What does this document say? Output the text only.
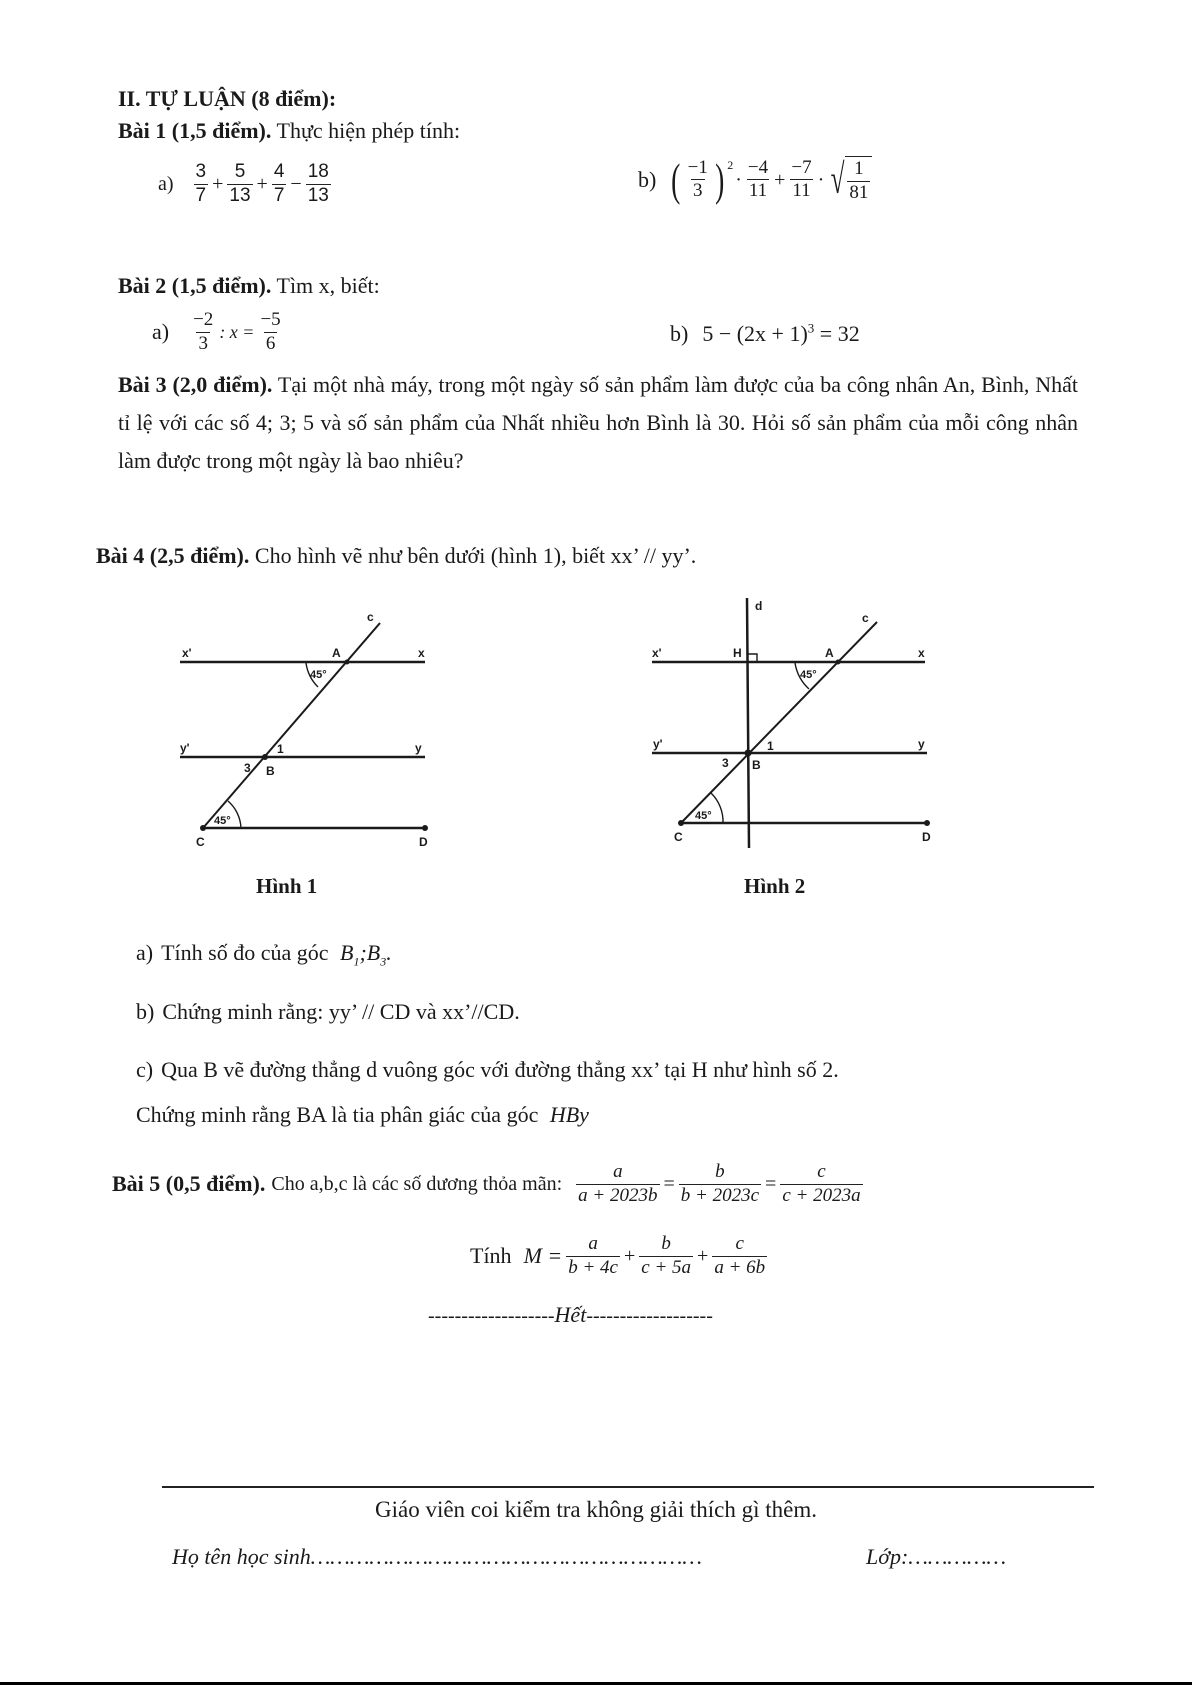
II. TỰ LUẬN (8 điểm):
Bài 1 (1,5 điểm). Thực hiện phép tính:
$a) \frac{3}{7} + \frac{5}{13} + \frac{4}{7} - \frac{18}{13}$	b) ( $\frac{-1}{3}$ ) $^2$
· $\frac{-4}{11} + \frac{-7}{11}$ · √ $\frac{1}{81}$
Bài 2 (1,5 điểm). Tìm x, biết:
$a) \frac{-2}{3}$ : $x = \frac{-5}{6}$	b) $5 - (2x + 1)^3 = 32$
Bài 3 (2,0 điểm). Tại một nhà máy, trong một ngày số sản phẩm làm được của ba công nhân An, Bình, Nhất tỉ lệ với các số 4; 3; 5 và số sản phẩm của Nhất nhiều hơn Bình là 30. Hỏi số sản phẩm của mỗi công nhân làm được trong một ngày là bao nhiêu?
Bài 4 (2,5 điểm). Cho hình vẽ như bên dưới (hình 1), biết xx’ // yy’.
c
x'	A	x
45°
y'	1	y
3 B
45°
C	D
Hình 1
d
c
x'	H	A	x
45°
y'	1	y
3 B
45°
C	D
Hình 2
a) Tính số đo của góc $B_1;B_3$.
b) Chứng minh rằng: yy’ // CD và xx’//CD.
c) Qua B vẽ đường thẳng d vuông góc với đường thẳng xx’ tại H như hình số 2.
Chứng minh rằng BA là tia phân giác của góc HBy
Bài 5 (0,5 điểm). Cho a,b,c là các số dương thỏa mãn: $\frac{a}{a + 2023b} = \frac{b}{b + 2023c} = \frac{c}{c + 2023a}$
Tính $M = \frac{a}{b + 4c} + \frac{b}{c + 5a} + \frac{c}{a + 6b}$
-------------------Hết-------------------
Giáo viên coi kiểm tra không giải thích gì thêm.
Họ tên học sinh……………………………………………………	Lớp:……………
